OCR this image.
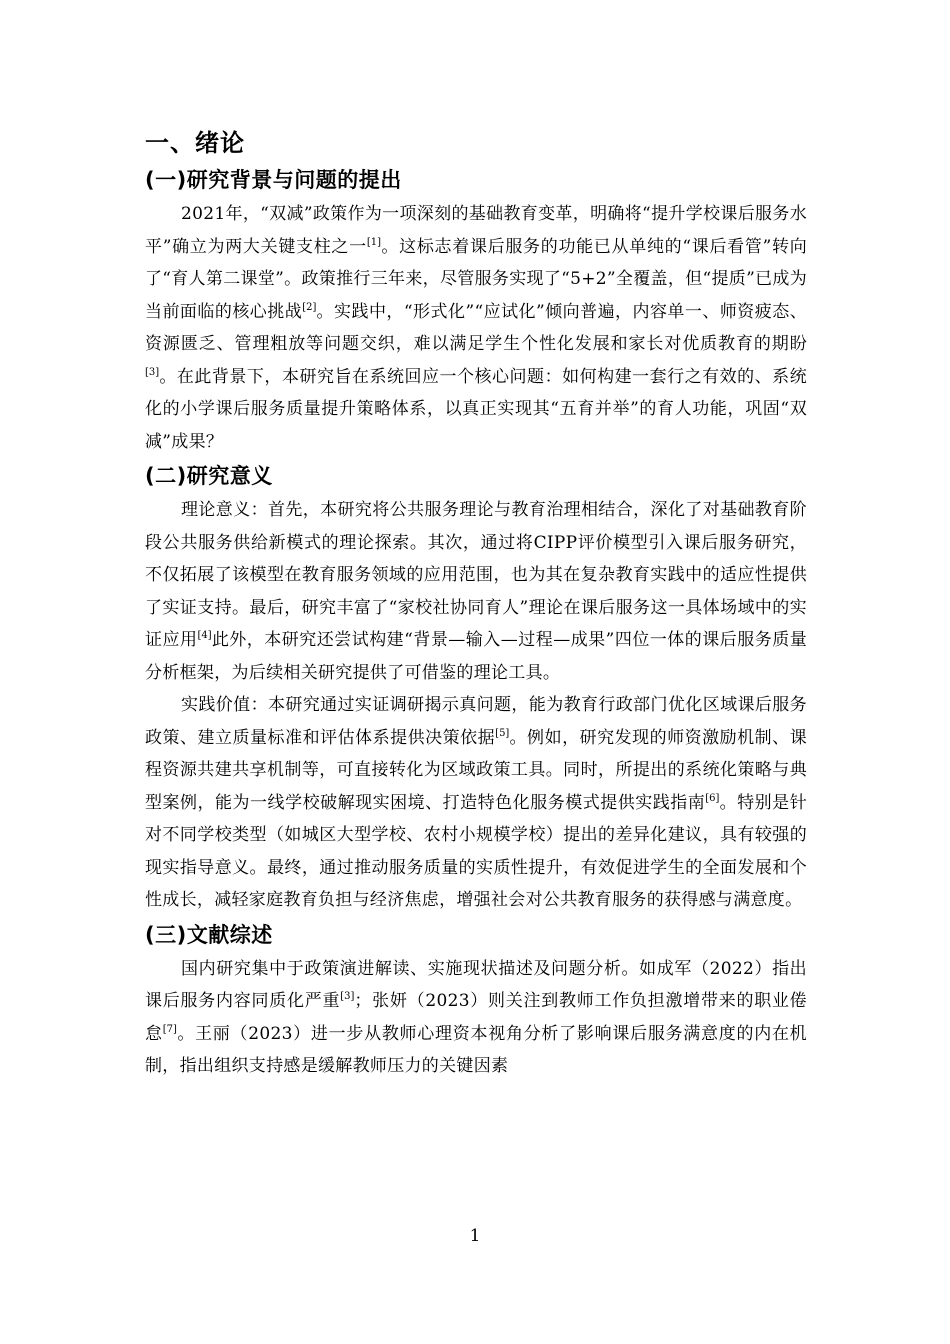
一、绪论
(一)研究背景与问题的提出

2021年，“双减”政策作为一项深刻的基础教育变革，明确将“提升学校课后服务水平”确立为两大关键支柱之一[1]。这标志着课后服务的功能已从单纯的“课后看管”转向了“育人第二课堂”。政策推行三年来，尽管服务实现了“5+2”全覆盖，但“提质”已成为当前面临的核心挑战[2]。实践中，“形式化”“应试化”倾向普遍，内容单一、师资疲态、资源匮乏、管理粗放等问题交织，难以满足学生个性化发展和家长对优质教育的期盼[3]。在此背景下，本研究旨在系统回应一个核心问题：如何构建一套行之有效的、系统化的小学课后服务质量提升策略体系，以真正实现其“五育并举”的育人功能，巩固“双减”成果？

(二)研究意义

理论意义：首先，本研究将公共服务理论与教育治理相结合，深化了对基础教育阶段公共服务供给新模式的理论探索。其次，通过将CIPP评价模型引入课后服务研究，不仅拓展了该模型在教育服务领域的应用范围，也为其在复杂教育实践中的适应性提供了实证支持。最后，研究丰富了“家校社协同育人”理论在课后服务这一具体场域中的实证应用[4]此外，本研究还尝试构建“背景—输入—过程—成果”四位一体的课后服务质量分析框架，为后续相关研究提供了可借鉴的理论工具。

实践价值：本研究通过实证调研揭示真问题，能为教育行政部门优化区域课后服务政策、建立质量标准和评估体系提供决策依据[5]。例如，研究发现的师资激励机制、课程资源共建共享机制等，可直接转化为区域政策工具。同时，所提出的系统化策略与典型案例，能为一线学校破解现实困境、打造特色化服务模式提供实践指南[6]。特别是针对不同学校类型（如城区大型学校、农村小规模学校）提出的差异化建议，具有较强的现实指导意义。最终，通过推动服务质量的实质性提升，有效促进学生的全面发展和个性成长，减轻家庭教育负担与经济焦虑，增强社会对公共教育服务的获得感与满意度。

(三)文献综述

国内研究集中于政策演进解读、实施现状描述及问题分析。如成军（2022）指出课后服务内容同质化严重[3]；张妍（2023）则关注到教师工作负担激增带来的职业倦怠[7]。王丽（2023）进一步从教师心理资本视角分析了影响课后服务满意度的内在机制，指出组织支持感是缓解教师压力的关键因素

1
